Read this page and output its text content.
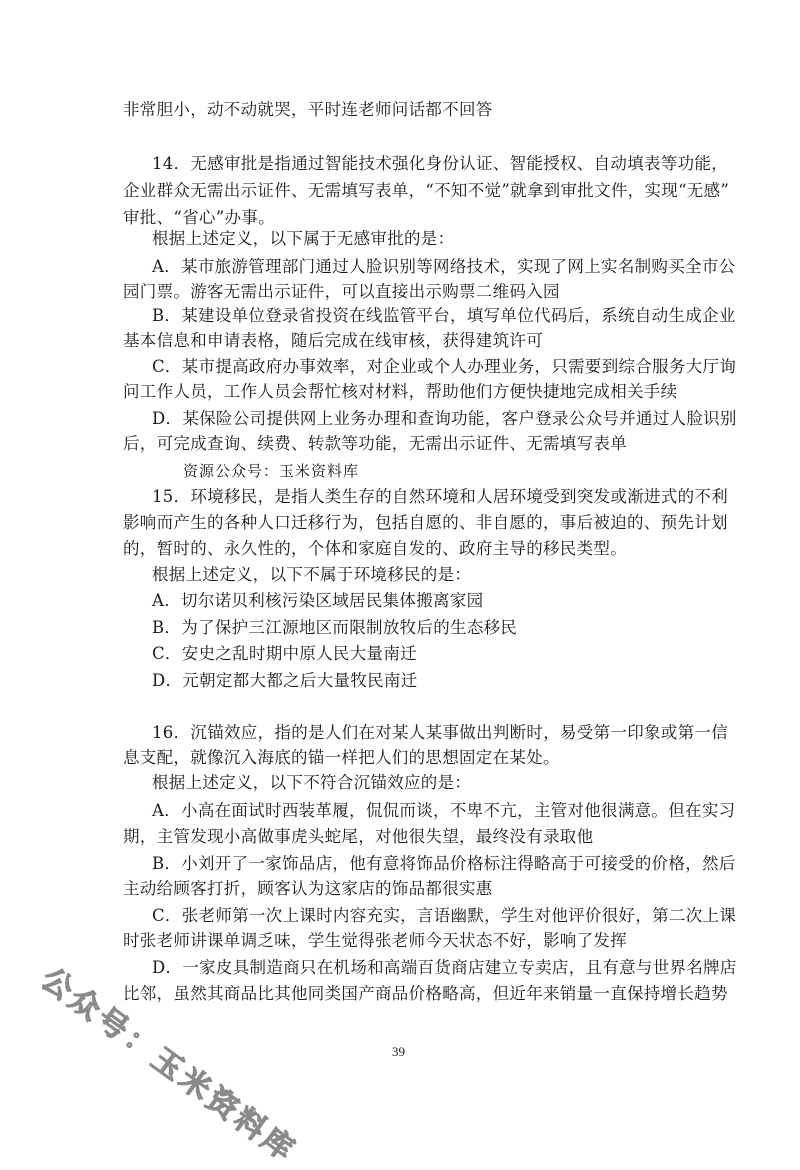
非常胆小，动不动就哭，平时连老师问话都不回答
14．无感审批是指通过智能技术强化身份认证、智能授权、自动填表等功能，
企业群众无需出示证件、无需填写表单，“不知不觉”就拿到审批文件，实现“无感”
审批、“省心”办事。
根据上述定义，以下属于无感审批的是：
A．某市旅游管理部门通过人脸识别等网络技术，实现了网上实名制购买全市公
园门票。游客无需出示证件，可以直接出示购票二维码入园
B．某建设单位登录省投资在线监管平台，填写单位代码后，系统自动生成企业
基本信息和申请表格，随后完成在线审核，获得建筑许可
C．某市提高政府办事效率，对企业或个人办理业务，只需要到综合服务大厅询
问工作人员，工作人员会帮忙核对材料，帮助他们方便快捷地完成相关手续
D．某保险公司提供网上业务办理和查询功能，客户登录公众号并通过人脸识别
后，可完成查询、续费、转款等功能，无需出示证件、无需填写表单
资源公众号：玉米资料库
15．环境移民，是指人类生存的自然环境和人居环境受到突发或渐进式的不利
影响而产生的各种人口迁移行为，包括自愿的、非自愿的，事后被迫的、预先计划
的，暂时的、永久性的，个体和家庭自发的、政府主导的移民类型。
根据上述定义，以下不属于环境移民的是：
A．切尔诺贝利核污染区域居民集体搬离家园
B．为了保护三江源地区而限制放牧后的生态移民
C．安史之乱时期中原人民大量南迁
D．元朝定都大都之后大量牧民南迁
16．沉锚效应，指的是人们在对某人某事做出判断时，易受第一印象或第一信
息支配，就像沉入海底的锚一样把人们的思想固定在某处。
根据上述定义，以下不符合沉锚效应的是：
A．小高在面试时西装革履，侃侃而谈，不卑不亢，主管对他很满意。但在实习
期，主管发现小高做事虎头蛇尾，对他很失望，最终没有录取他
B．小刘开了一家饰品店，他有意将饰品价格标注得略高于可接受的价格，然后
主动给顾客打折，顾客认为这家店的饰品都很实惠
C．张老师第一次上课时内容充实，言语幽默，学生对他评价很好，第二次上课
时张老师讲课单调乏味，学生觉得张老师今天状态不好，影响了发挥
D．一家皮具制造商只在机场和高端百货商店建立专卖店，且有意与世界名牌店
比邻，虽然其商品比其他同类国产商品价格略高，但近年来销量一直保持增长趋势
39
公众号：玉米资料库
